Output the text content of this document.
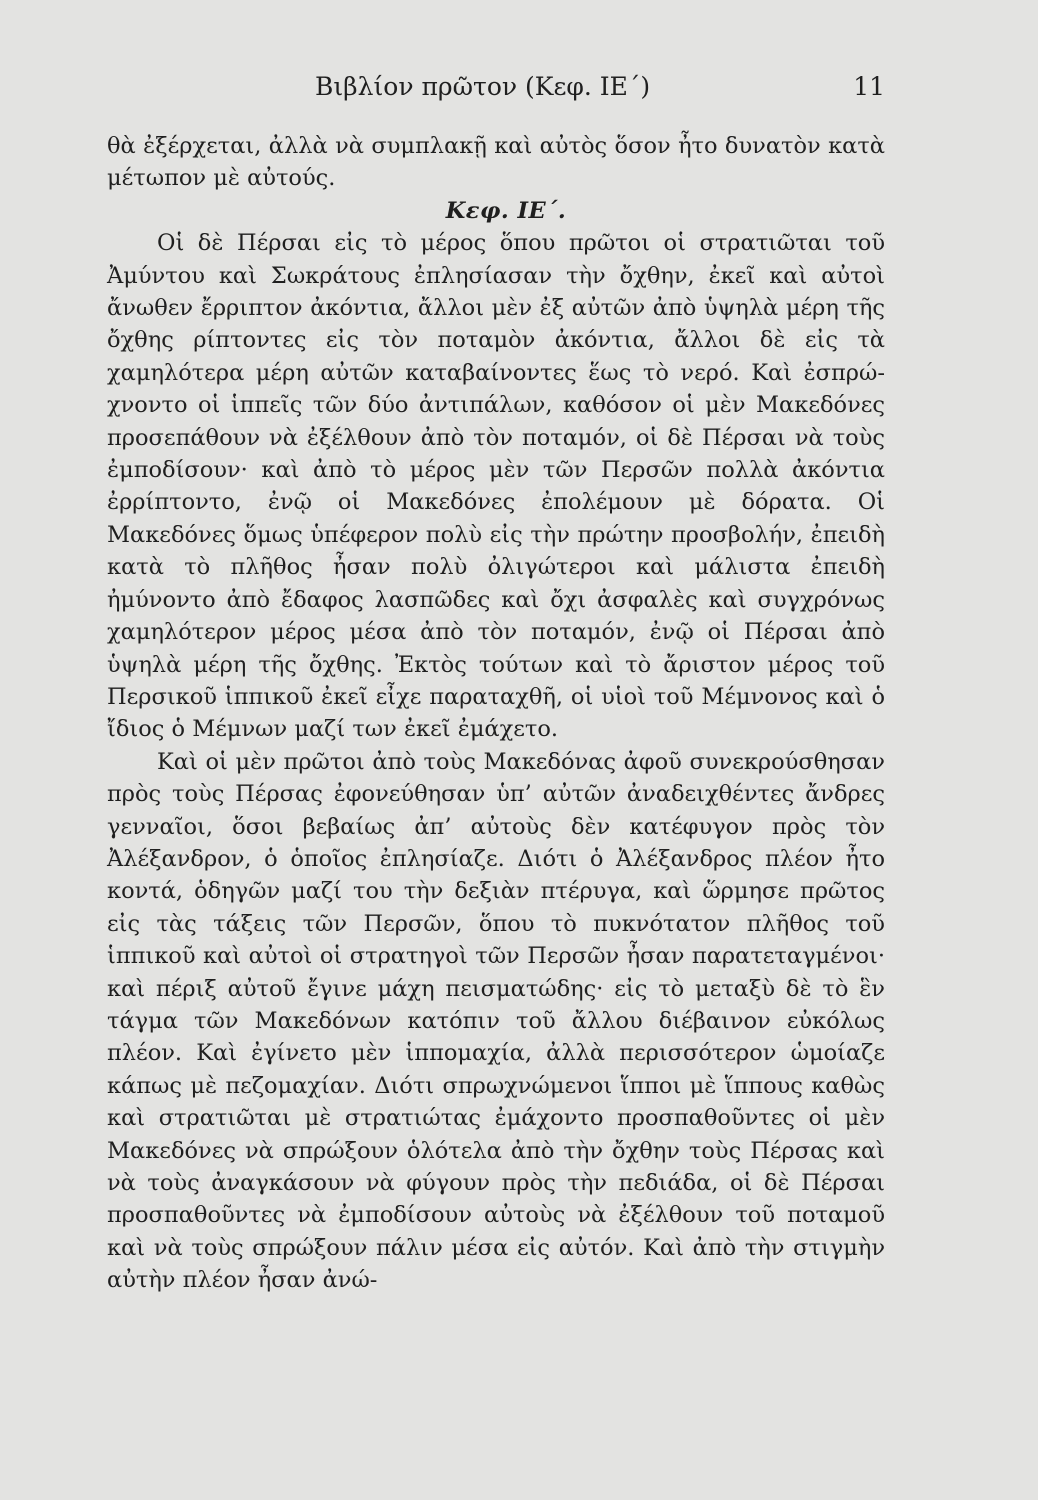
Βιβλίον πρῶτον (Κεφ. ΙΕ΄)	11

θὰ ἐξέρχεται, ἀλλὰ νὰ συμπλακῇ καὶ αὐτὸς ὅσον ἦτο δυνατὸν κατὰ μέτωπον μὲ αὐτούς.

Κεφ. ΙΕ΄.

Οἱ δὲ Πέρσαι εἰς τὸ μέρος ὅπου πρῶτοι οἱ στρατιῶται τοῦ Ἀμύντου καὶ Σωκράτους ἐπλησίασαν τὴν ὄχθην, ἐκεῖ καὶ αὐτοὶ ἄνωθεν ἔρριπτον ἀκόντια, ἄλλοι μὲν ἐξ αὐτῶν ἀπὸ ὑψηλὰ μέρη τῆς ὄχθης ρίπτοντες εἰς τὸν ποταμὸν ἀκόντια, ἄλλοι δὲ εἰς τὰ χαμηλότερα μέρη αὐτῶν καταβαίνοντες ἕως τὸ νερό. Καὶ ἐσπρώχνοντο οἱ ἱππεῖς τῶν δύο ἀντιπάλων, καθόσον οἱ μὲν Μακεδόνες προσεπάθουν νὰ ἐξέλθουν ἀπὸ τὸν ποταμόν, οἱ δὲ Πέρσαι νὰ τοὺς ἐμποδίσουν· καὶ ἀπὸ τὸ μέρος μὲν τῶν Περσῶν πολλὰ ἀκόντια ἐρρίπτοντο, ἐνῷ οἱ Μακεδόνες ἐπολέμουν μὲ δόρατα. Οἱ Μακεδόνες ὅμως ὑπέφερον πολὺ εἰς τὴν πρώτην προσβολήν, ἐπειδὴ κατὰ τὸ πλῆθος ἦσαν πολὺ ὀλιγώτεροι καὶ μάλιστα ἐπειδὴ ἠμύνοντο ἀπὸ ἔδαφος λασπῶδες καὶ ὄχι ἀσφαλὲς καὶ συγχρόνως χαμηλότερον μέρος μέσα ἀπὸ τὸν ποταμόν, ἐνῷ οἱ Πέρσαι ἀπὸ ὑψηλὰ μέρη τῆς ὄχθης. Ἐκτὸς τούτων καὶ τὸ ἄριστον μέρος τοῦ Περσικοῦ ἱππικοῦ ἐκεῖ εἶχε παραταχθῆ, οἱ υἱοὶ τοῦ Μέμνονος καὶ ὁ ἴδιος ὁ Μέμνων μαζί των ἐκεῖ ἐμάχετο.

Καὶ οἱ μὲν πρῶτοι ἀπὸ τοὺς Μακεδόνας ἀφοῦ συνεκρούσθησαν πρὸς τοὺς Πέρσας ἐφονεύθησαν ὑπ’ αὐτῶν ἀναδειχθέντες ἄνδρες γενναῖοι, ὅσοι βεβαίως ἀπ’ αὐτοὺς δὲν κατέφυγον πρὸς τὸν Ἀλέξανδρον, ὁ ὁποῖος ἐπλησίαζε. Διότι ὁ Ἀλέξανδρος πλέον ἦτο κοντά, ὁδηγῶν μαζί του τὴν δεξιὰν πτέρυγα, καὶ ὥρμησε πρῶτος εἰς τὰς τάξεις τῶν Περσῶν, ὅπου τὸ πυκνότατον πλῆθος τοῦ ἱππικοῦ καὶ αὐτοὶ οἱ στρατηγοὶ τῶν Περσῶν ἦσαν παρατεταγμένοι· καὶ πέριξ αὐτοῦ ἔγινε μάχη πεισματώδης· εἰς τὸ μεταξὺ δὲ τὸ ἓν τάγμα τῶν Μακεδόνων κατόπιν τοῦ ἄλλου διέβαινον εὐκόλως πλέον. Καὶ ἐγίνετο μὲν ἱππομαχία, ἀλλὰ περισσότερον ὡμοίαζε κάπως μὲ πεζομαχίαν. Διότι σπρωχνώμενοι ἵπποι μὲ ἵππους καθὼς καὶ στρατιῶται μὲ στρατιώτας ἐμάχοντο προσπαθοῦντες οἱ μὲν Μακεδόνες νὰ σπρώξουν ὁλότελα ἀπὸ τὴν ὄχθην τοὺς Πέρσας καὶ νὰ τοὺς ἀναγκάσουν νὰ φύγουν πρὸς τὴν πεδιάδα, οἱ δὲ Πέρσαι προσπαθοῦντες νὰ ἐμποδίσουν αὐτοὺς νὰ ἐξέλθουν τοῦ ποταμοῦ καὶ νὰ τοὺς σπρώξουν πάλιν μέσα εἰς αὐτόν. Καὶ ἀπὸ τὴν στιγμὴν αὐτὴν πλέον ἦσαν ἀνώ-
